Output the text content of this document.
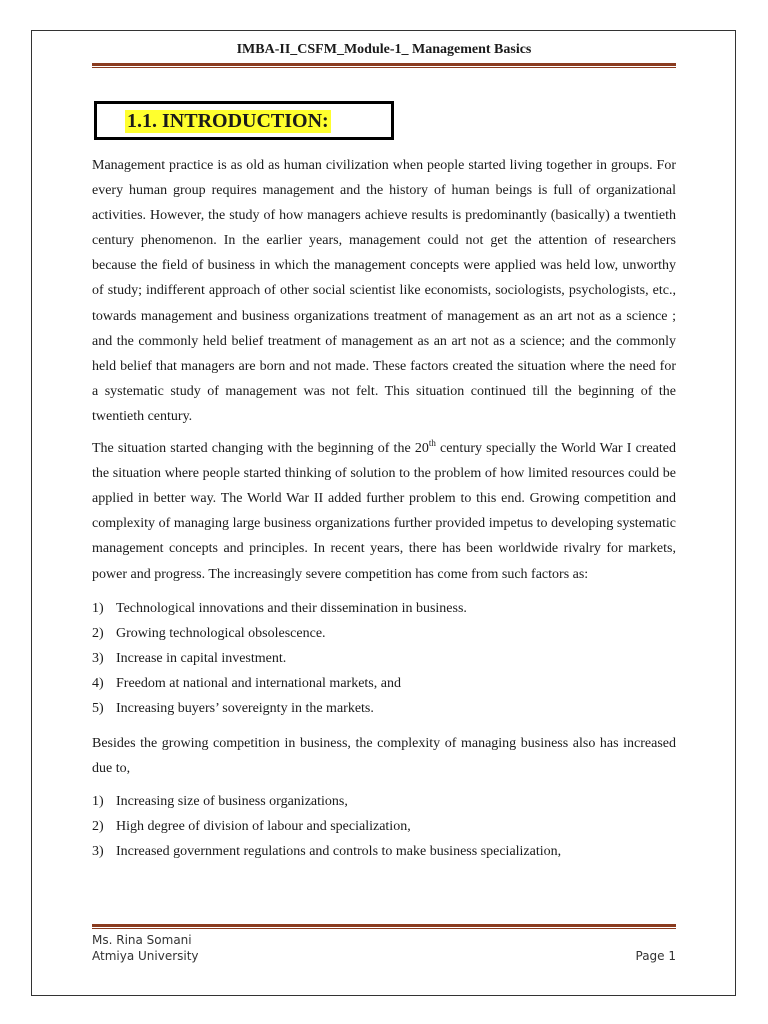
IMBA-II_CSFM_Module-1_ Management Basics
1.1. INTRODUCTION:

Management practice is as old as human civilization when people started living together in groups. For every human group requires management and the history of human beings is full of organizational activities. However, the study of how managers achieve results is predominantly (basically) a twentieth century phenomenon. In the earlier years, management could not get the attention of researchers because the field of business in which the management concepts were applied was held low, unworthy of study; indifferent approach of other social scientist like economists, sociologists, psychologists, etc., towards management and business organizations treatment of management as an art not as a science ; and the commonly held belief treatment of management as an art not as a science; and the commonly held belief that managers are born and not made. These factors created the situation where the need for a systematic study of management was not felt. This situation continued till the beginning of the twentieth century.

The situation started changing with the beginning of the 20th century specially the World War I created the situation where people started thinking of solution to the problem of how limited resources could be applied in better way. The World War II added further problem to this end. Growing competition and complexity of managing large business organizations further provided impetus to developing systematic management concepts and principles. In recent years, there has been worldwide rivalry for markets, power and progress. The increasingly severe competition has come from such factors as:

1) Technological innovations and their dissemination in business.
2) Growing technological obsolescence.
3) Increase in capital investment.
4) Freedom at national and international markets, and
5) Increasing buyers’ sovereignty in the markets.

Besides the growing competition in business, the complexity of managing business also has increased due to,

1) Increasing size of business organizations,
2) High degree of division of labour and specialization,
3) Increased government regulations and controls to make business specialization,
Ms. Rina Somani
Atmiya University	Page 1
